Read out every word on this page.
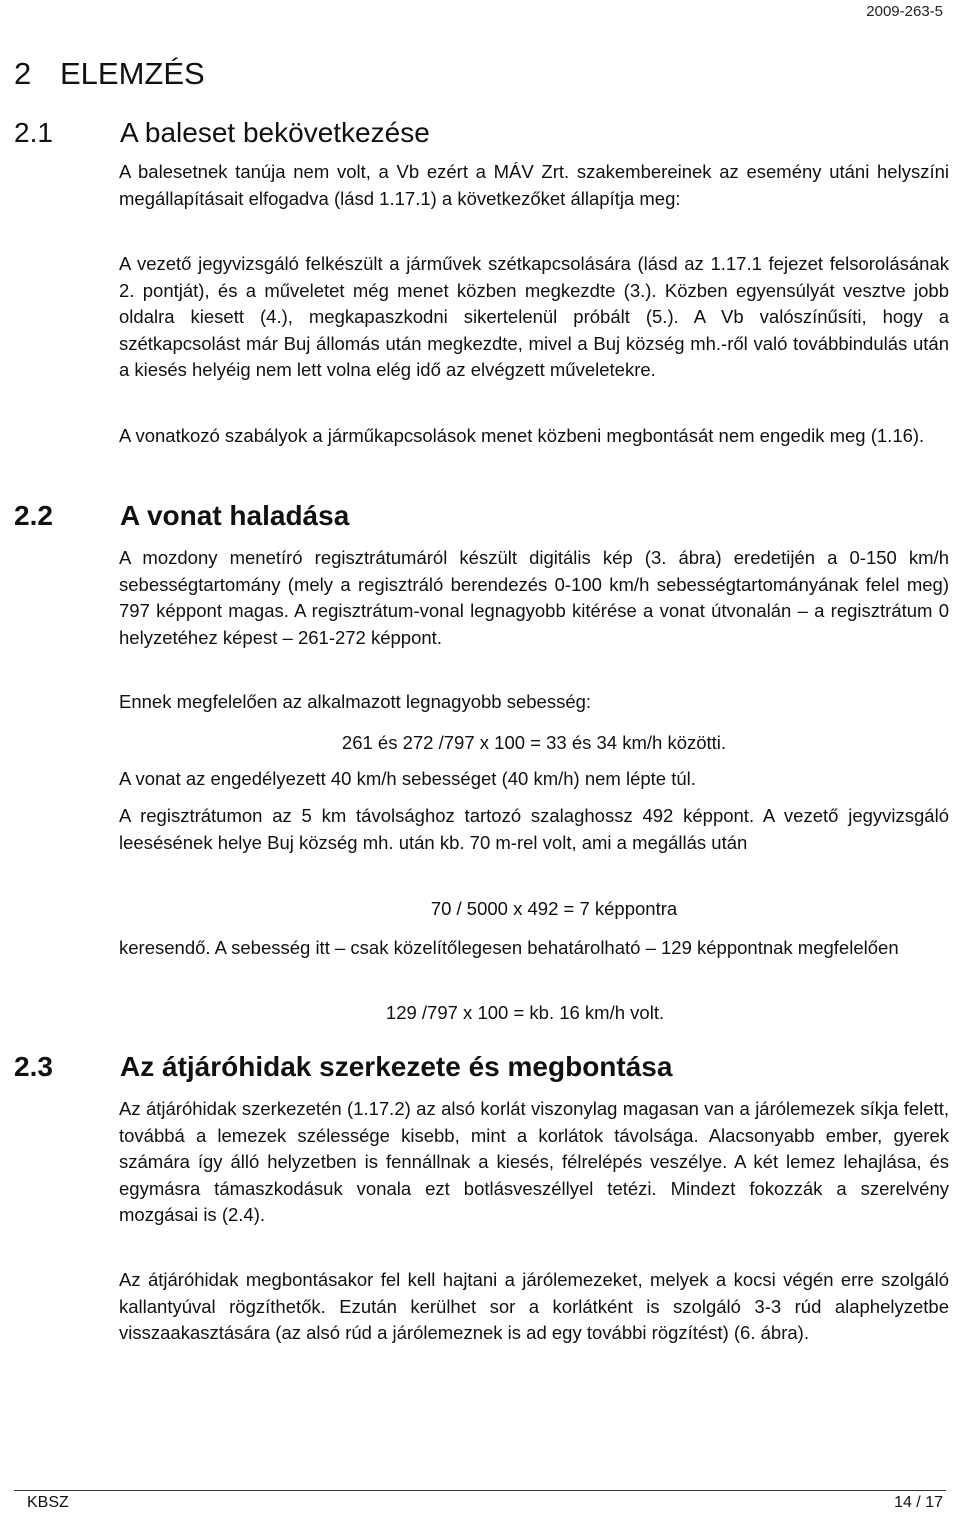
2009-263-5
2 ELEMZÉS
2.1 A baleset bekövetkezése

A balesetnek tanúja nem volt, a Vb ezért a MÁV Zrt. szakembereinek az esemény utáni helyszíni megállapításait elfogadva (lásd 1.17.1) a következőket állapítja meg:

A vezető jegyvizsgáló felkészült a járművek szétkapcsolására (lásd az 1.17.1 fejezet felsorolásának 2. pontját), és a műveletet még menet közben megkezdte (3.). Közben egyensúlyát vesztve jobb oldalra kiesett (4.), megkapaszkodni sikertelenül próbált (5.). A Vb valószínűsíti, hogy a szétkapcsolást már Buj állomás után megkezdte, mivel a Buj község mh.-ről való továbbindulás után a kiesés helyéig nem lett volna elég idő az elvégzett műveletekre.

A vonatkozó szabályok a járműkapcsolások menet közbeni megbontását nem engedik meg (1.16).

2.2 A vonat haladása

A mozdony menetíró regisztrátumáról készült digitális kép (3. ábra) eredetijén a 0-150 km/h sebességtartomány (mely a regisztráló berendezés 0-100 km/h sebességtartományának felel meg) 797 képpont magas. A regisztrátum-vonal legnagyobb kitérése a vonat útvonalán – a regisztrátum 0 helyzetéhez képest – 261-272 képpont.

Ennek megfelelően az alkalmazott legnagyobb sebesség:

261 és 272 /797 x 100 = 33 és 34 km/h közötti.

A vonat az engedélyezett 40 km/h sebességet (40 km/h) nem lépte túl.

A regisztrátumon az 5 km távolsághoz tartozó szalaghossz 492 képpont. A vezető jegyvizsgáló leesésének helye Buj község mh. után kb. 70 m-rel volt, ami a megállás után

70 / 5000 x 492 = 7 képpontra

keresendő. A sebesség itt – csak közelítőlegesen behatárolható – 129 képpontnak megfelelően

129 /797 x 100 = kb. 16 km/h volt.
2.3 Az átjáróhidak szerkezete és megbontása

Az átjáróhidak szerkezetén (1.17.2) az alsó korlát viszonylag magasan van a járólemezek síkja felett, továbbá a lemezek szélessége kisebb, mint a korlátok távolsága. Alacsonyabb ember, gyerek számára így álló helyzetben is fennállnak a kiesés, félrelépés veszélye. A két lemez lehajlása, és egymásra támaszkodásuk vonala ezt botlásveszéllyel tetézi. Mindezt fokozzák a szerelvény mozgásai is (2.4).

Az átjáróhidak megbontásakor fel kell hajtani a járólemezeket, melyek a kocsi végén erre szolgáló kallantyúval rögzíthetők. Ezután kerülhet sor a korlátként is szolgáló 3-3 rúd alaphelyzetbe visszaakasztására (az alsó rúd a járólemeznek is ad egy további rögzítést) (6. ábra).

KBSZ	14 / 17
